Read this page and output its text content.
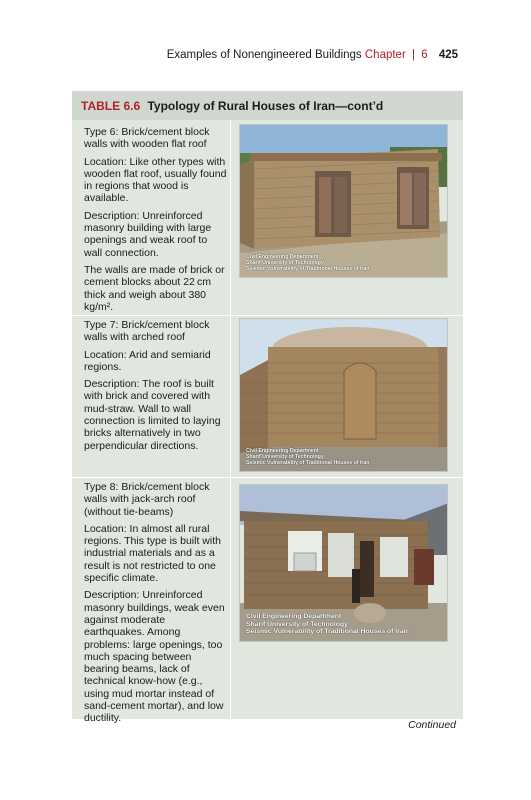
Examples of Nonengineered Buildings Chapter | 6 425
TABLE 6.6 Typology of Rural Houses of Iran—cont’d

Type 6: Brick/cement block walls with wooden flat roof

Location: Like other types with wooden flat roof, usually found in regions that wood is available.

Description: Unreinforced masonry building with large openings and weak roof to wall connection.

The walls are made of brick or cement blocks about 22 cm thick and weigh about 380 kg/m².

Civil Engineering Department
Sharif University of Technology
Seismic Vulnerability of Traditional Houses of Iran

Type 7: Brick/cement block walls with arched roof

Location: Arid and semiarid regions.

Description: The roof is built with brick and covered with mud-straw. Wall to wall connection is limited to laying bricks alternatively in two perpendicular directions.	Civil Engineering Department
Sharif University of Technology
Seismic Vulnerability of Traditional Houses of Iran

Type 8: Brick/cement block walls with jack-arch roof (without tie-beams)

Location: In almost all rural regions. This type is built with industrial materials and as a result is not restricted to one specific climate.

Description: Unreinforced masonry buildings, weak even against moderate earthquakes. Among problems: large openings, too much spacing between bearing beams, lack of technical know-how (e.g., using mud mortar instead of sand-cement mortar), and low ductility.

Civil Engineering Department
Sharif University of Technology
Seismic Vulnerability of Traditional Houses of Iran
Continued
